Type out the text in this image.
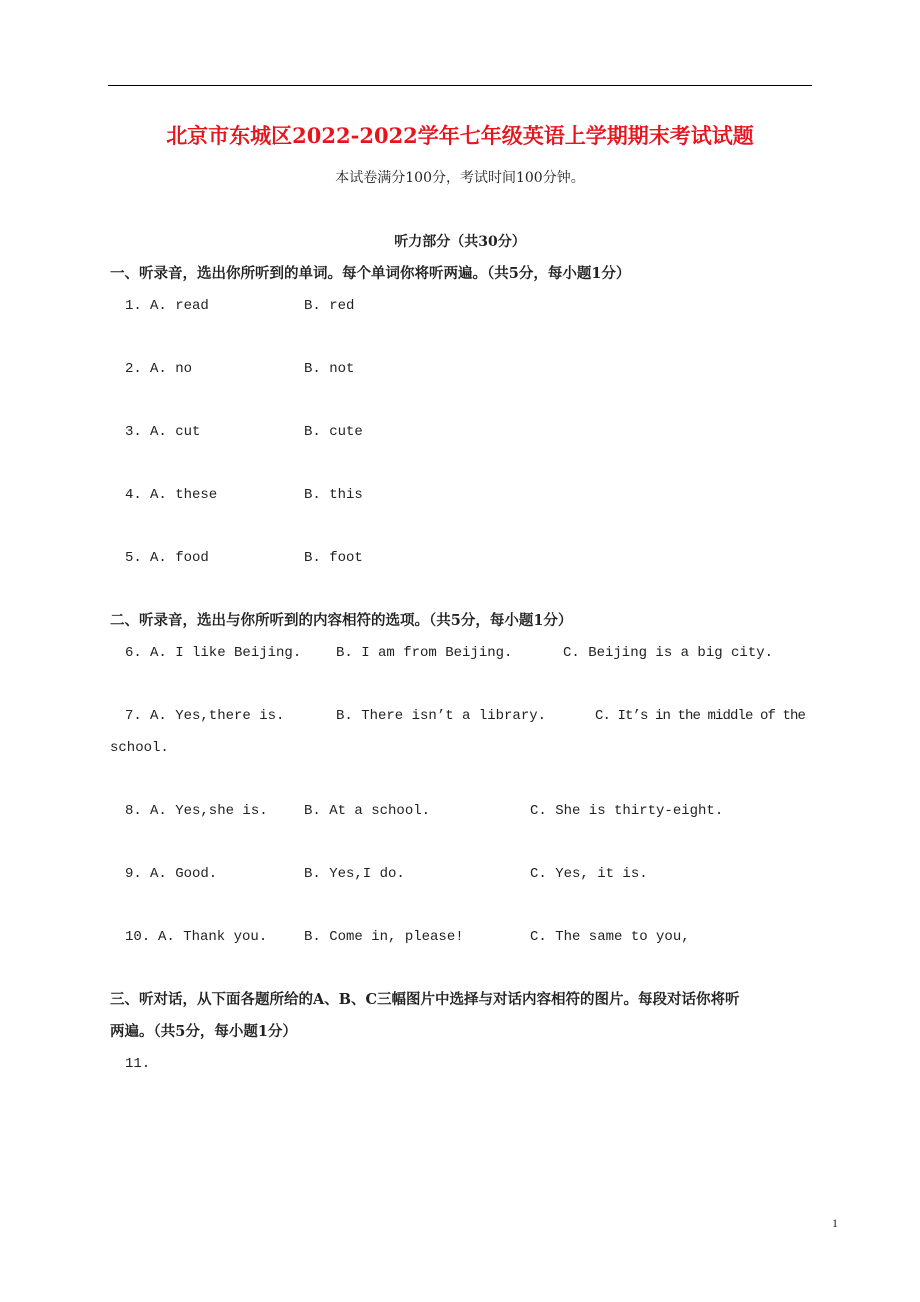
北京市东城区2022-2022学年七年级英语上学期期末考试试题
本试卷满分100分，考试时间100分钟。
听力部分（共30分）
一、听录音，选出你所听到的单词。每个单词你将听两遍。（共5分，每小题1分）
1. A. read	B. red
2. A. no	B. not
3. A. cut	B. cute
4. A. these	B. this
5. A. food	B. foot
二、听录音，选出与你所听到的内容相符的选项。（共5分，每小题1分）
6. A. I like Beijing. B. I am from Beijing.	C. Beijing is a big city.
7. A. Yes,there is.	B. There isn’t a library.	C. It’s in the middle of the
school.
8. A. Yes,she is.	B. At a school.	C. She is thirty-eight.
9. A. Good.	B. Yes,I do.	C. Yes, it is.
10. A. Thank you.	B. Come in, please!	C. The same to you,
三、听对话，从下面各题所给的A、B、C三幅图片中选择与对话内容相符的图片。每段对话你将听
两遍。（共5分，每小题1分）
11.
1
